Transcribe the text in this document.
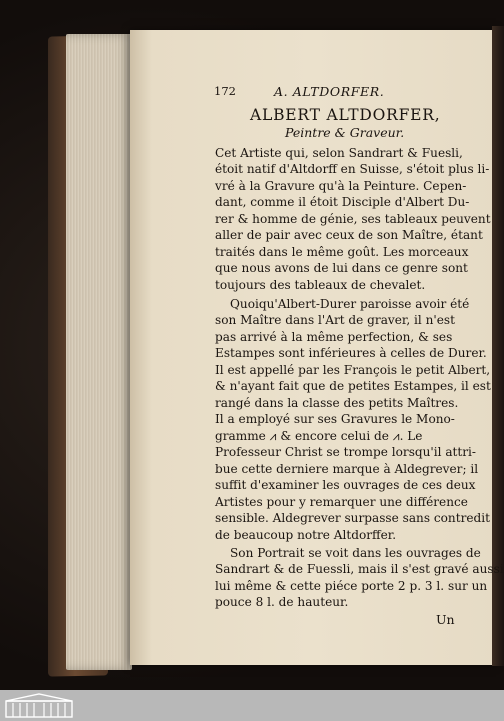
172	A. ALTDORFER.
ALBERT ALTDORFER,
Peintre & Graveur.
Cet Artiste qui, selon Sandrart & Fuesli,
étoit natif d'Altdorff en Suisse, s'étoit plus li-
vré à la Gravure qu'à la Peinture. Cepen-
dant, comme il étoit Disciple d'Albert Du-
rer & homme de génie, ses tableaux peuvent
aller de pair avec ceux de son Maître, étant
traités dans le même goût. Les morceaux
que nous avons de lui dans ce genre sont
toujours des tableaux de chevalet.
Quoiqu'Albert-Durer paroisse avoir été
son Maître dans l'Art de graver, il n'est
pas arrivé à la même perfection, & ses
Estampes sont inférieures à celles de Durer.
Il est appellé par les François le petit Albert,
& n'ayant fait que de petites Estampes, il est
rangé dans la classe des petits Maîtres.
Il a employé sur ses Gravures le Mono-
gramme ⩘ & encore celui de ⩘. Le
Professeur Christ se trompe lorsqu'il attri-
bue cette derniere marque à Aldegrever; il
suffit d'examiner les ouvrages de ces deux
Artistes pour y remarquer une différence
sensible. Aldegrever surpasse sans contredit
de beaucoup notre Altdorffer.
Son Portrait se voit dans les ouvrages de
Sandrart & de Fuessli, mais il s'est gravé aussi
lui même & cette piéce porte 2 p. 3 l. sur un
pouce 8 l. de hauteur.
Un
